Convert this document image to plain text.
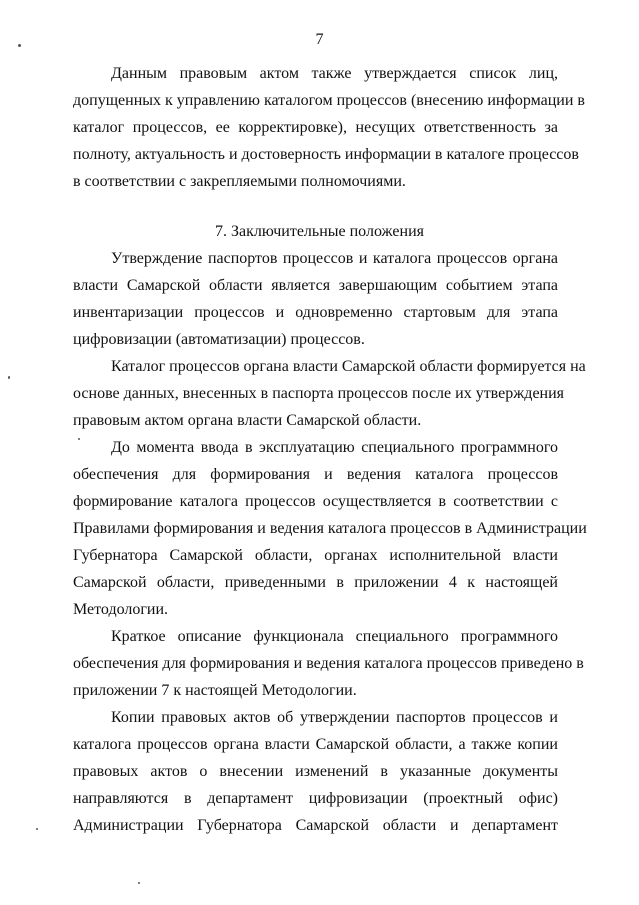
7
Данным правовым актом также утверждается список лиц,
допущенных к управлению каталогом процессов (внесению информации в
каталог процессов, ее корректировке), несущих ответственность за
полноту, актуальность и достоверность информации в каталоге процессов
в соответствии с закрепляемыми полномочиями.
7. Заключительные положения
Утверждение паспортов процессов и каталога процессов органа
власти Самарской области является завершающим событием этапа
инвентаризации процессов и одновременно стартовым для этапа
цифровизации (автоматизации) процессов.
Каталог процессов органа власти Самарской области формируется на
основе данных, внесенных в паспорта процессов после их утверждения
правовым актом органа власти Самарской области.
До момента ввода в эксплуатацию специального программного
обеспечения для формирования и ведения каталога процессов
формирование каталога процессов осуществляется в соответствии с
Правилами формирования и ведения каталога процессов в Администрации
Губернатора Самарской области, органах исполнительной власти
Самарской области, приведенными в приложении 4 к настоящей
Методологии.
Краткое описание функционала специального программного
обеспечения для формирования и ведения каталога процессов приведено в
приложении 7 к настоящей Методологии.
Копии правовых актов об утверждении паспортов процессов и
каталога процессов органа власти Самарской области, а также копии
правовых актов о внесении изменений в указанные документы
направляются в департамент цифровизации (проектный офис)
Администрации Губернатора Самарской области и департамент
